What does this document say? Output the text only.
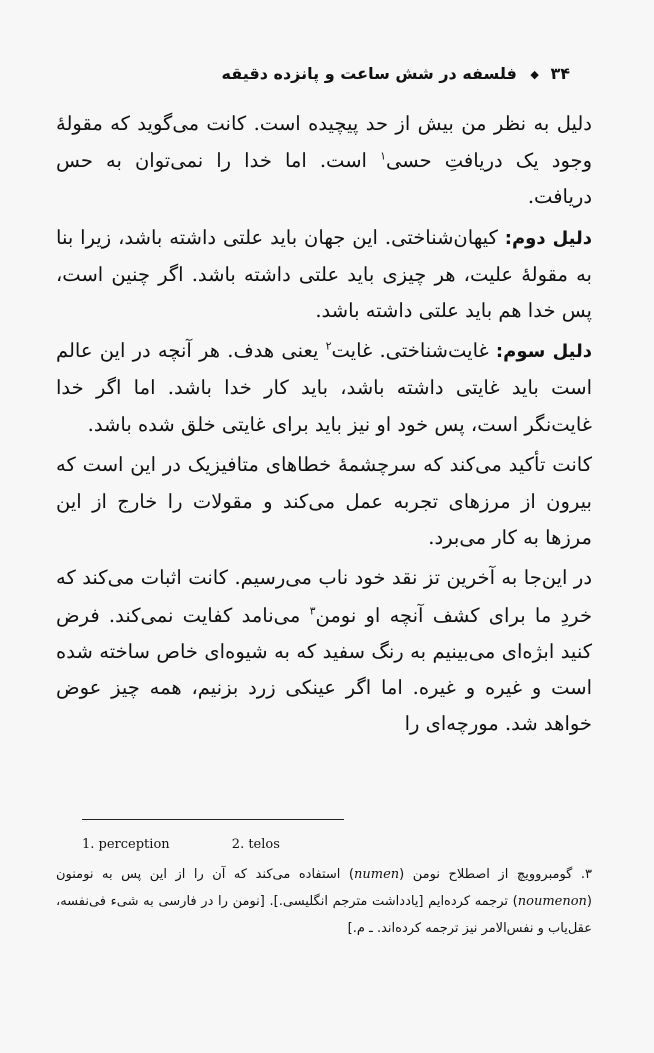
۳۴ ◆ فلسفه در شش ساعت و پانزده دقیقه

دلیل به نظر من بیش از حد پیچیده است. کانت می‌گوید که مقولهٔ وجود یک دریافتِ حسی$^۱$ است. اما خدا را نمی‌توان به حس دریافت.

دلیل دوم: کیهان‌شناختی. این جهان باید علتی داشته باشد، زیرا بنا به مقولهٔ علیت، هر چیزی باید علتی داشته باشد. اگر چنین است، پس خدا هم باید علتی داشته باشد.

دلیل سوم: غایت‌شناختی. غایت$^۲$ یعنی هدف. هر آنچه در این عالم است باید غایتی داشته باشد، باید کار خدا باشد. اما اگر خدا غایت‌نگر است، پس خود او نیز باید برای غایتی خلق شده باشد.

کانت تأکید می‌کند که سرچشمهٔ خطاهای متافیزیک در این است که بیرون از مرزهای تجربه عمل می‌کند و مقولات را خارج از این مرزها به کار می‌برد.

در این‌جا به آخرین تز نقد خود ناب می‌رسیم. کانت اثبات می‌کند که خردِ ما برای کشف آنچه او نومن$^۳$ می‌نامد کفایت نمی‌کند. فرض کنید ابژه‌ای می‌بینیم به رنگ سفید که به شیوه‌ای خاص ساخته شده است و غیره و غیره. اما اگر عینکی زرد بزنیم، همه چیز عوض خواهد شد. مورچه‌ای را

1. perception	2. telos
۳. گومبروویچ از اصطلاح نومن (numen) استفاده می‌کند که آن را از این پس به نومنون (noumenon) ترجمه کرده‌ایم [یادداشت مترجم انگلیسی.]. [نومن را در فارسی به شیء فی‌نفسه، عقل‌یاب و نفس‌الامر نیز ترجمه کرده‌اند. ـ م.]
